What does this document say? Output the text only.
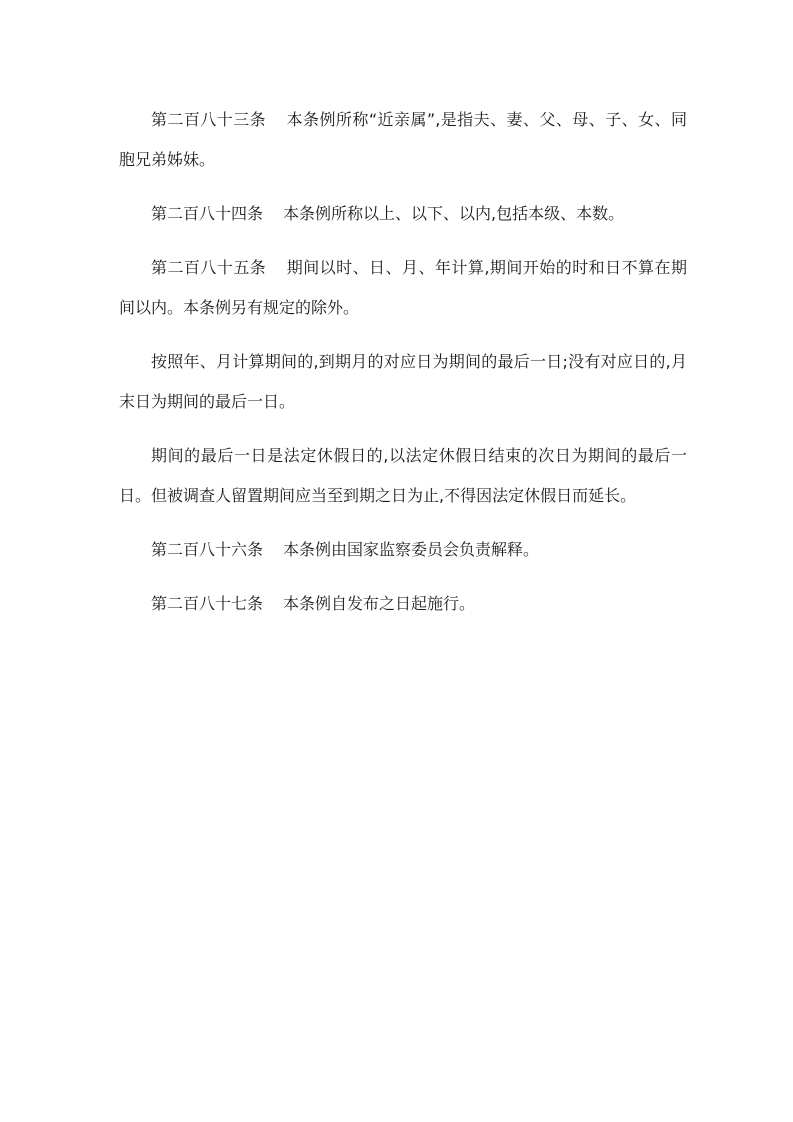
第二百八十三条 本条例所称“近亲属”,是指夫、妻、父、母、子、女、同胞兄弟姊妹。

第二百八十四条 本条例所称以上、以下、以内,包括本级、本数。

第二百八十五条 期间以时、日、月、年计算,期间开始的时和日不算在期间以内。本条例另有规定的除外。

按照年、月计算期间的,到期月的对应日为期间的最后一日;没有对应日的,月末日为期间的最后一日。

期间的最后一日是法定休假日的,以法定休假日结束的次日为期间的最后一日。但被调查人留置期间应当至到期之日为止,不得因法定休假日而延长。

第二百八十六条 本条例由国家监察委员会负责解释。

第二百八十七条 本条例自发布之日起施行。
